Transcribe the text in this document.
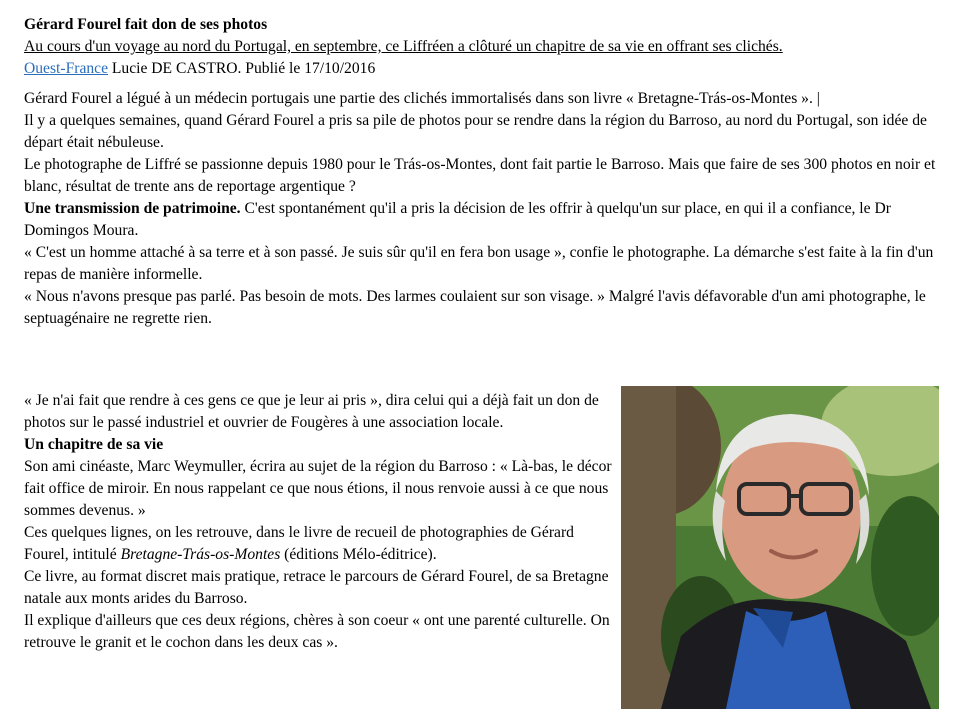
Gérard Fourel fait don de ses photos
Au cours d'un voyage au nord du Portugal, en septembre, ce Liffréen a clôturé un chapitre de sa vie en offrant ses clichés.
Ouest-France Lucie DE CASTRO. Publié le 17/10/2016

Gérard Fourel a légué à un médecin portugais une partie des clichés immortalisés dans son livre « Bretagne-Trás-os-Montes ». |

Il y a quelques semaines, quand Gérard Fourel a pris sa pile de photos pour se rendre dans la région du Barroso, au nord du Portugal, son idée de départ était nébuleuse.

Le photographe de Liffré se passionne depuis 1980 pour le Trás-os-Montes, dont fait partie le Barroso. Mais que faire de ses 300 photos en noir et blanc, résultat de trente ans de reportage argentique ?

Une transmission de patrimoine. C'est spontanément qu'il a pris la décision de les offrir à quelqu'un sur place, en qui il a confiance, le Dr Domingos Moura.

« C'est un homme attaché à sa terre et à son passé. Je suis sûr qu'il en fera bon usage », confie le photographe. La démarche s'est faite à la fin d'un repas de manière informelle.

« Nous n'avons presque pas parlé. Pas besoin de mots. Des larmes coulaient sur son visage. » Malgré l'avis défavorable d'un ami photographe, le septuagénaire ne regrette rien.

« Je n'ai fait que rendre à ces gens ce que je leur ai pris », dira celui qui a déjà fait un don de photos sur le passé industriel et ouvrier de Fougères à une association locale.

Un chapitre de sa vie

Son ami cinéaste, Marc Weymuller, écrira au sujet de la région du Barroso : « Là-bas, le décor fait office de miroir. En nous rappelant ce que nous étions, il nous renvoie aussi à ce que nous sommes devenus. »

Ces quelques lignes, on les retrouve, dans le livre de recueil de photographies de Gérard Fourel, intitulé Bretagne-Trás-os-Montes (éditions Mélo-éditrice).

Ce livre, au format discret mais pratique, retrace le parcours de Gérard Fourel, de sa Bretagne natale aux monts arides du Barroso.

Il explique d'ailleurs que ces deux régions, chères à son coeur « ont une parenté culturelle. On retrouve le granit et le cochon dans les deux cas ».
